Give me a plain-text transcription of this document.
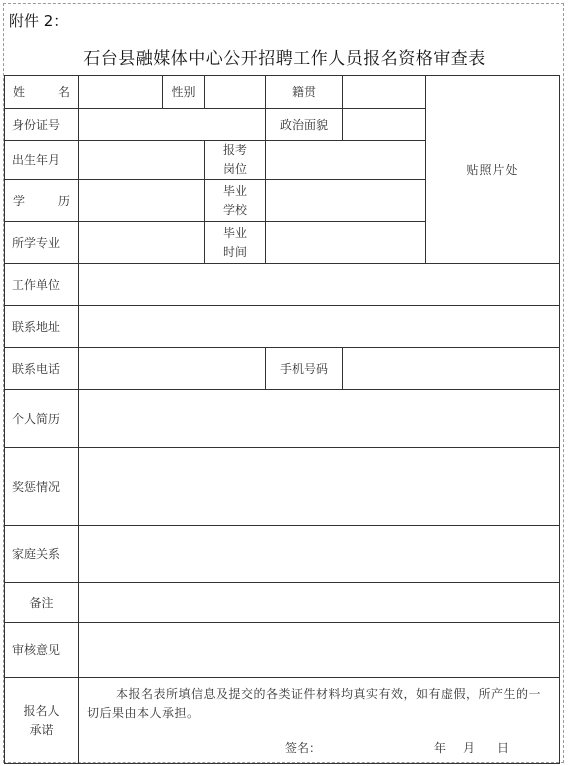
附件 2：
石台县融媒体中心公开招聘工作人员报名资格审查表
姓名		性别		籍贯		贴照片处
身份证号				政治面貌		
出生年月			报考
岗位			
学历			毕业
学校			
所学专业			毕业
时间			
工作单位						
联系地址						
联系电话				手机号码		
个人简历						
奖惩情况						
家庭关系						
备注						
审核意见						
报名人
承诺	本报名表所填信息及提交的各类证件材料均真实有效，如有虚假，所产生的一切后果由本人承担。
签名： 年 月 日					
